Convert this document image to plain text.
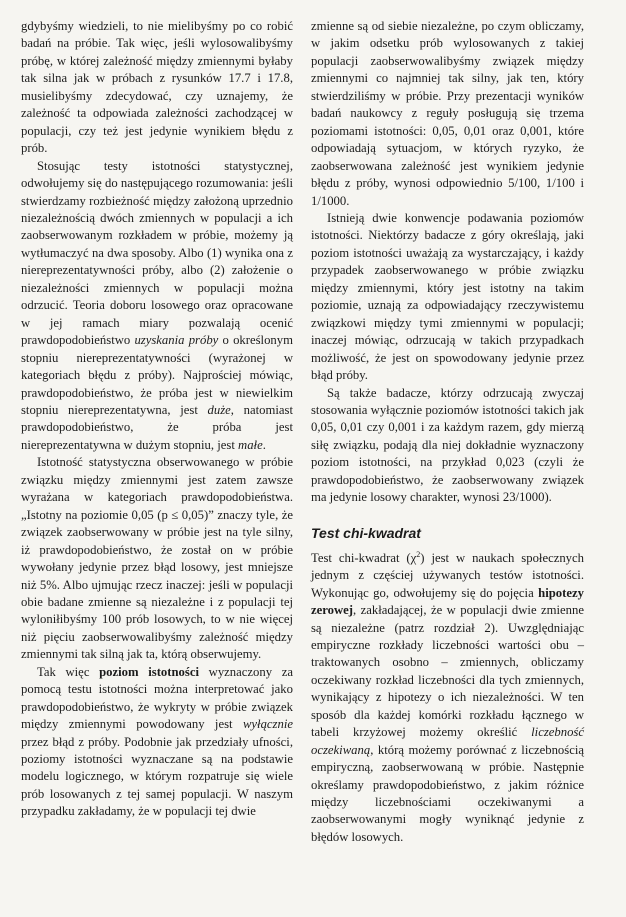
gdybyśmy wiedzieli, to nie mielibyśmy po co robić badań na próbie. Tak więc, jeśli wylosowalibyśmy próbę, w której zależność między zmiennymi byłaby tak silna jak w próbach z rysunków 17.7 i 17.8, musielibyśmy zdecydować, czy uznajemy, że zależność ta odpowiada zależności zachodzącej w populacji, czy też jest jedynie wynikiem błędu z prób.

Stosując testy istotności statystycznej, odwołujemy się do następującego rozumowania: jeśli stwierdzamy rozbieżność między założoną uprzednio niezależnością dwóch zmiennych w populacji a ich zaobserwowanym rozkładem w próbie, możemy ją wytłumaczyć na dwa sposoby. Albo (1) wynika ona z niereprezentatywności próby, albo (2) założenie o niezależności zmiennych w populacji można odrzucić. Teoria doboru losowego oraz opracowane w jej ramach miary pozwalają ocenić prawdopodobieństwo uzyskania próby o określonym stopniu niereprezentatywności (wyrażonej w kategoriach błędu z próby). Najprościej mówiąc, prawdopodobieństwo, że próba jest w niewielkim stopniu niereprezentatywna, jest duże, natomiast prawdopodobieństwo, że próba jest niereprezentatywna w dużym stopniu, jest małe.

Istotność statystyczna obserwowanego w próbie związku między zmiennymi jest zatem zawsze wyrażana w kategoriach prawdopodobieństwa. „Istotny na poziomie 0,05 (p ≤ 0,05)” znaczy tyle, że związek zaobserwowany w próbie jest na tyle silny, iż prawdopodobieństwo, że został on w próbie wywołany jedynie przez błąd losowy, jest mniejsze niż 5%. Albo ujmując rzecz inaczej: jeśli w populacji obie badane zmienne są niezależne i z populacji tej wyloniłibyśmy 100 prób losowych, to w nie więcej niż pięciu zaobserwowalibyśmy zależność między zmiennymi tak silną jak ta, którą obserwujemy.

Tak więc poziom istotności wyznaczony za pomocą testu istotności można interpretować jako prawdopodobieństwo, że wykryty w próbie związek między zmiennymi powodowany jest wyłącznie przez błąd z próby. Podobnie jak przedziały ufności, poziomy istotności wyznaczane są na podstawie modelu logicznego, w którym rozpatruje się wiele prób losowanych z tej samej populacji. W naszym przypadku zakładamy, że w populacji tej dwie

zmienne są od siebie niezależne, po czym obliczamy, w jakim odsetku prób wylosowanych z takiej populacji zaobserwowalibyśmy związek między zmiennymi co najmniej tak silny, jak ten, który stwierdziliśmy w próbie. Przy prezentacji wyników badań naukowcy z reguły posługują się trzema poziomami istotności: 0,05, 0,01 oraz 0,001, które odpowiadają sytuacjom, w których ryzyko, że zaobserwowana zależność jest wynikiem jedynie błędu z próby, wynosi odpowiednio 5/100, 1/100 i 1/1000.

Istnieją dwie konwencje podawania poziomów istotności. Niektórzy badacze z góry określają, jaki poziom istotności uważają za wystarczający, i każdy przypadek zaobserwowanego w próbie związku między zmiennymi, który jest istotny na takim poziomie, uznają za odpowiadający rzeczywistemu związkowi między tymi zmiennymi w populacji; inaczej mówiąc, odrzucają w takich przypadkach możliwość, że jest on spowodowany jedynie przez błąd próby.

Są także badacze, którzy odrzucają zwyczaj stosowania wyłącznie poziomów istotności takich jak 0,05, 0,01 czy 0,001 i za każdym razem, gdy mierzą siłę związku, podają dla niej dokładnie wyznaczony poziom istotności, na przykład 0,023 (czyli że prawdopodobieństwo, że zaobserwowany związek ma jedynie losowy charakter, wynosi 23/1000).

Test chi-kwadrat

Test chi-kwadrat $(\chi^2)$ jest w naukach społecznych jednym z częściej używanych testów istotności. Wykonując go, odwołujemy się do pojęcia hipotezy zerowej, zakładającej, że w populacji dwie zmienne są niezależne (patrz rozdział 2). Uwzględniając empiryczne rozkłady liczebności wartości obu – traktowanych osobno – zmiennych, obliczamy oczekiwany rozkład liczebności dla tych zmiennych, wynikający z hipotezy o ich niezależności. W ten sposób dla każdej komórki rozkładu łącznego w tabeli krzyżowej możemy określić liczebność oczekiwaną, którą możemy porównać z liczebnością empiryczną, zaobserwowaną w próbie. Następnie określamy prawdopodobieństwo, z jakim różnice między liczebnościami oczekiwanymi a zaobserwowanymi mogły wyniknąć jedynie z błędów losowych.
